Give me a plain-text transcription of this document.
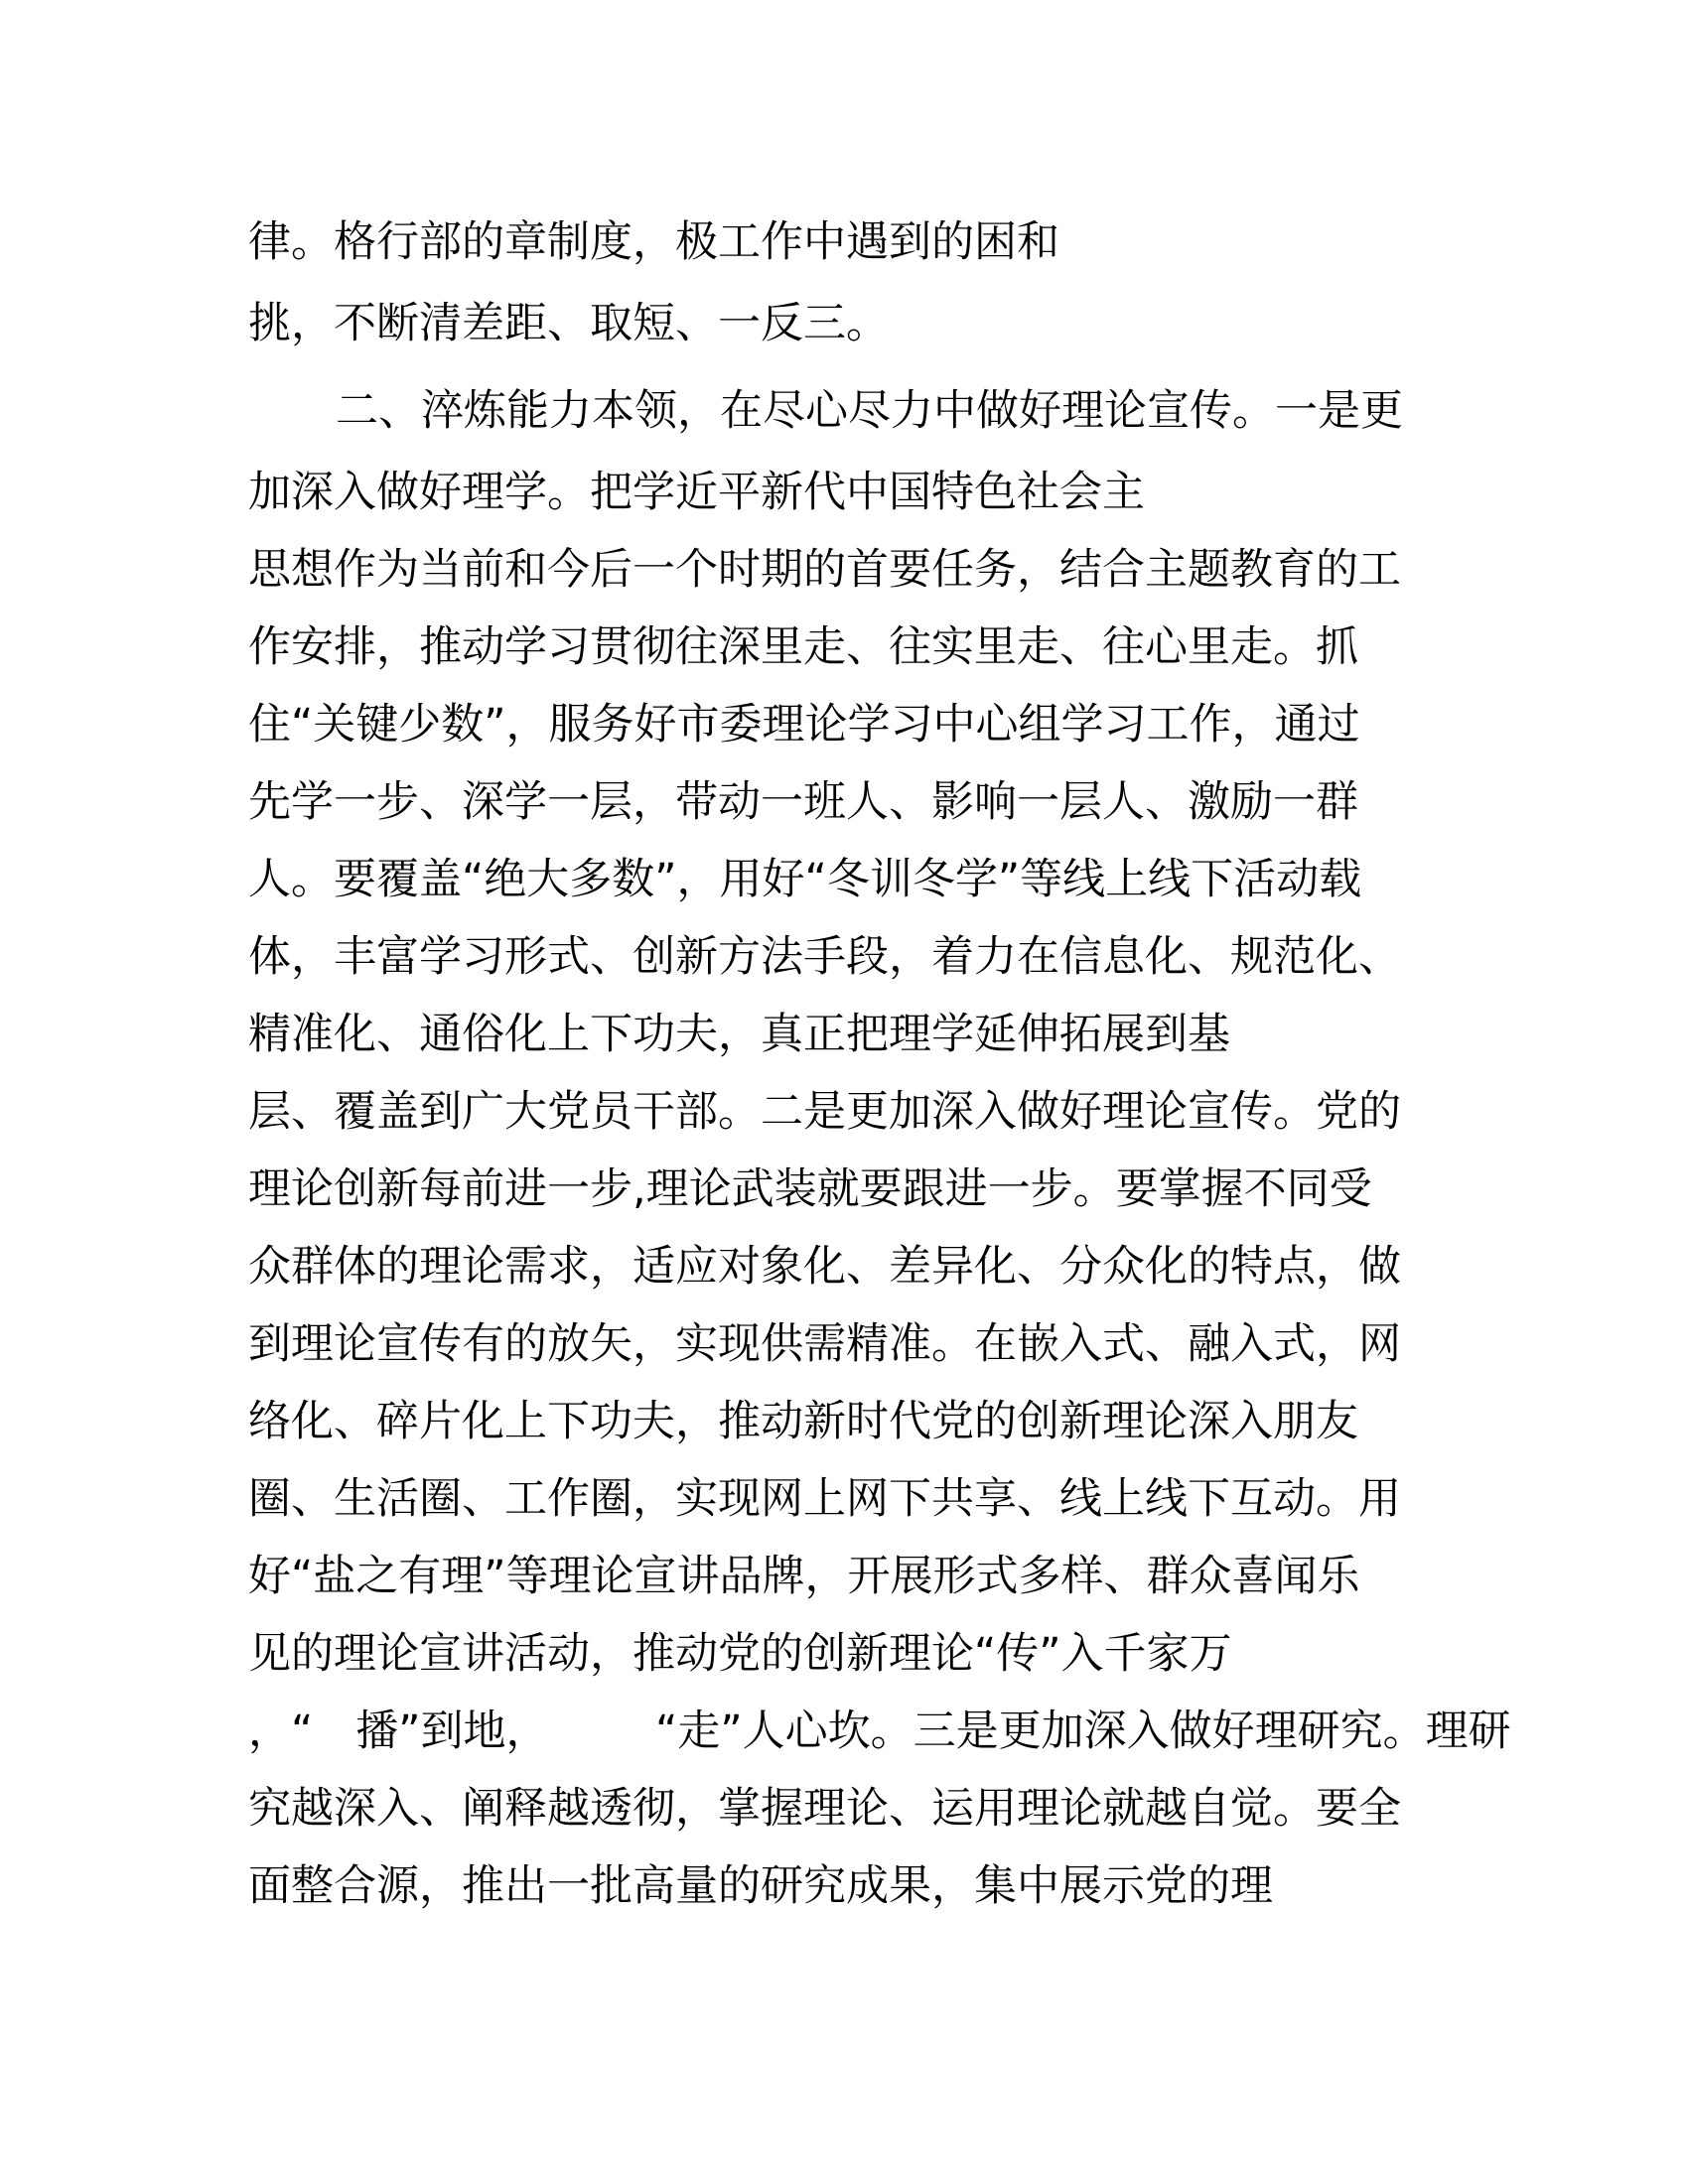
律。格行部的章制度，极工作中遇到的困和
挑，不断清差距、取短、一反三。
二、淬炼能力本领，在尽心尽力中做好理论宣传。一是更
加深入做好理学。把学近平新代中国特色社会主
思想作为当前和今后一个时期的首要任务，结合主题教育的工
作安排，推动学习贯彻往深里走、往实里走、往心里走。抓
住“关键少数”，服务好市委理论学习中心组学习工作，通过
先学一步、深学一层，带动一班人、影响一层人、激励一群
人。要覆盖“绝大多数”，用好“冬训冬学”等线上线下活动载
体，丰富学习形式、创新方法手段，着力在信息化、规范化、
精准化、通俗化上下功夫，真正把理学延伸拓展到基
层、覆盖到广大党员干部。二是更加深入做好理论宣传。党的
理论创新每前进一步,理论武装就要跟进一步。要掌握不同受
众群体的理论需求，适应对象化、差异化、分众化的特点，做
到理论宣传有的放矢，实现供需精准。在嵌入式、融入式，网
络化、碎片化上下功夫，推动新时代党的创新理论深入朋友
圈、生活圈、工作圈，实现网上网下共享、线上线下互动。用
好“盐之有理”等理论宣讲品牌，开展形式多样、群众喜闻乐
见的理论宣讲活动，推动党的创新理论“传”入千家万
，“　播”到地，　　　“走”人心坎。三是更加深入做好理研究。理研
究越深入、阐释越透彻，掌握理论、运用理论就越自觉。要全
面整合源，推出一批高量的研究成果，集中展示党的理
